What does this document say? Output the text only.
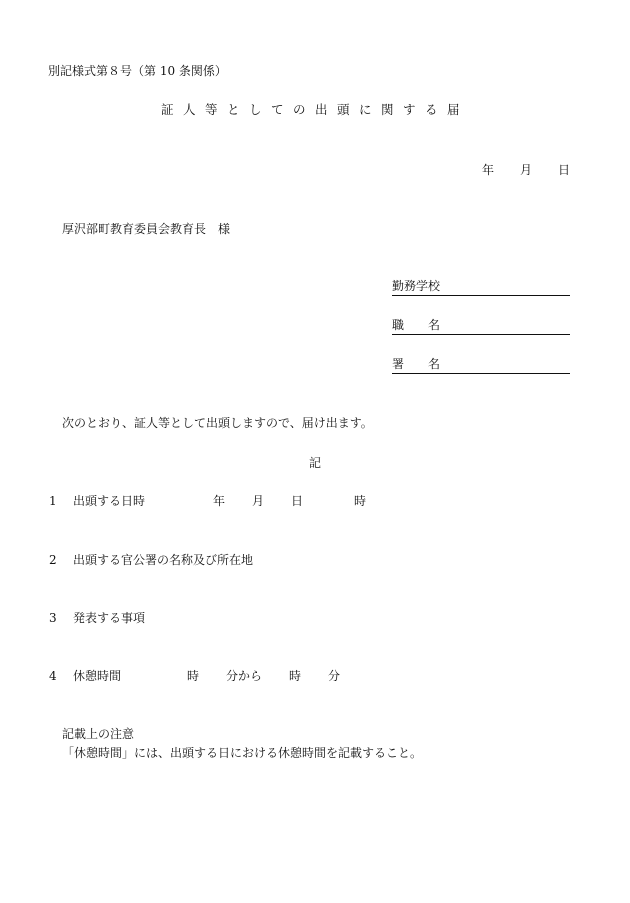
別記様式第８号（第 10 条関係）
証人等としての出頭に関する届
年 月 日
厚沢部町教育委員会教育長　様
勤務学校
職 名
署 名
次のとおり、証人等として出頭しますので、届け出ます。
記
1 出頭する日時	年 月 日	時
2 出頭する官公署の名称及び所在地
3 発表する事項
4 休憩時間	時 分から 時 分
記載上の注意
「休憩時間」には、出頭する日における休憩時間を記載すること。
